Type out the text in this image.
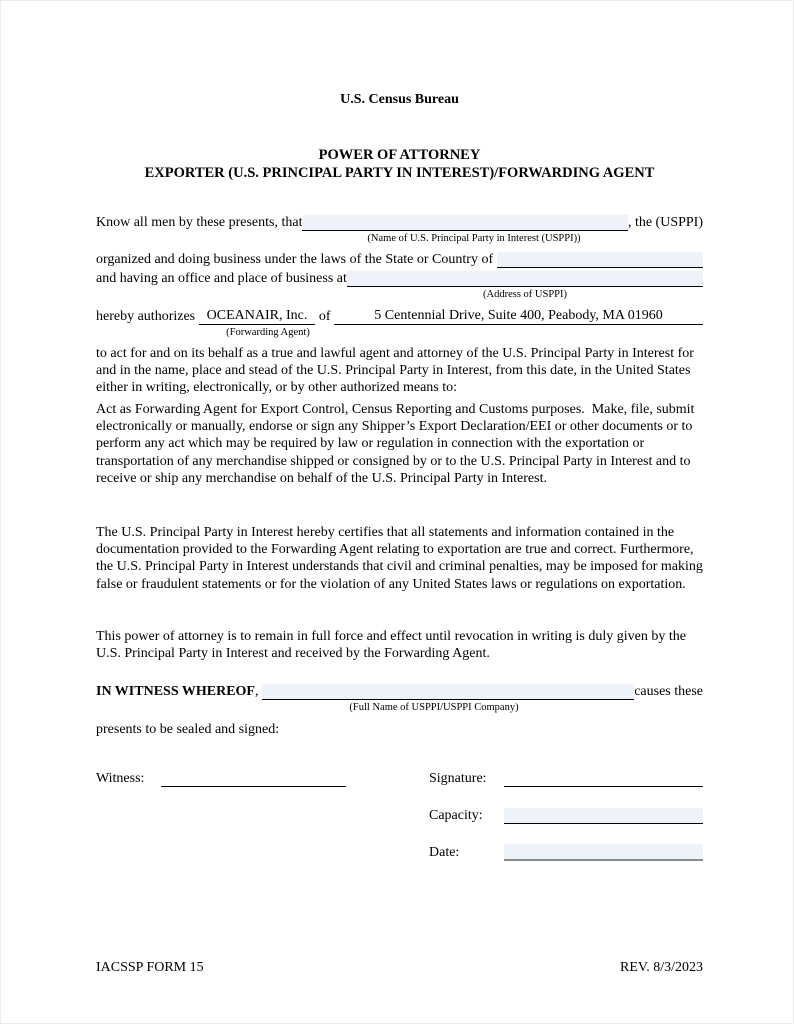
U.S. Census Bureau
POWER OF ATTORNEY
EXPORTER (U.S. PRINCIPAL PARTY IN INTEREST)/FORWARDING AGENT
Know all men by these presents, that	, the (USPPI)
(Name of U.S. Principal Party in Interest (USPPI))
organized and doing business under the laws of the State or Country of
and having an office and place of business at
(Address of USPPI)
hereby authorizes OCEANAIR, Inc. of	5 Centennial Drive, Suite 400, Peabody, MA 01960
(Forwarding Agent)
to act for and on its behalf as a true and lawful agent and attorney of the U.S. Principal Party in Interest for and in the name, place and stead of the U.S. Principal Party in Interest, from this date, in the United States either in writing, electronically, or by other authorized means to:
Act as Forwarding Agent for Export Control, Census Reporting and Customs purposes.  Make, file, submit electronically or manually, endorse or sign any Shipper’s Export Declaration/EEI or other documents or to perform any act which may be required by law or regulation in connection with the exportation or transportation of any merchandise shipped or consigned by or to the U.S. Principal Party in Interest and to receive or ship any merchandise on behalf of the U.S. Principal Party in Interest.
The U.S. Principal Party in Interest hereby certifies that all statements and information contained in the documentation provided to the Forwarding Agent relating to exportation are true and correct. Furthermore, the U.S. Principal Party in Interest understands that civil and criminal penalties, may be imposed for making false or fraudulent statements or for the violation of any United States laws or regulations on exportation.
This power of attorney is to remain in full force and effect until revocation in writing is duly given by the U.S. Principal Party in Interest and received by the Forwarding Agent.
IN WITNESS WHEREOF ,	causes these
(Full Name of USPPI/USPPI Company)
presents to be sealed and signed:
Witness:	Signature:
Capacity:
Date:
IACSSP FORM 15	REV. 8/3/2023
